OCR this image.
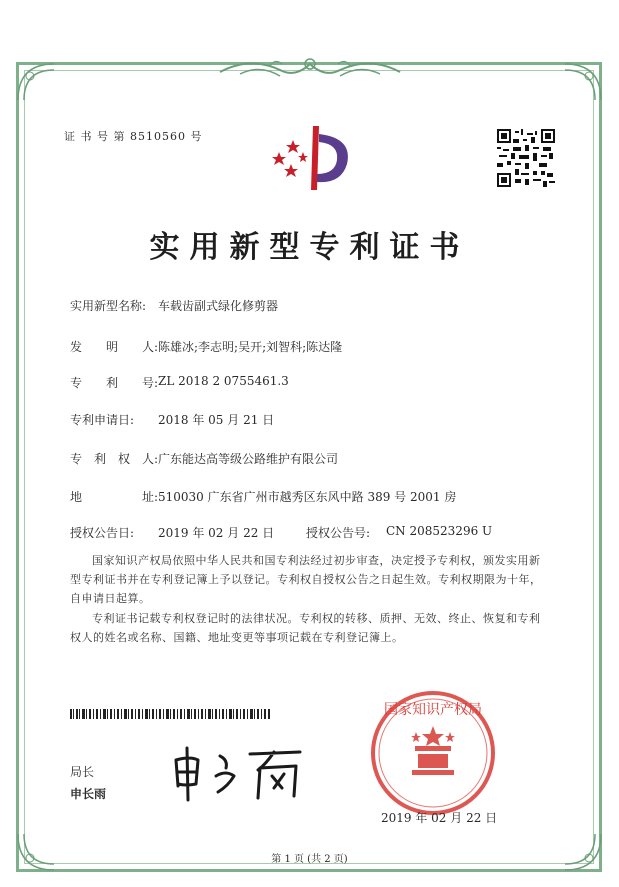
证 书 号 第 8510560 号
实用新型专利证书
实用新型名称: 车载齿副式绿化修剪器
发　　明　　人: 陈雄冰;李志明;吴开;刘智科;陈达隆
专　　利　　号: ZL 2018 2 0755461.3
专利申请日: 2018 年 05 月 21 日
专　利　权　人: 广东能达高等级公路维护有限公司
地　　　　　址: 510030 广东省广州市越秀区东风中路 389 号 2001 房
授权公告日: 2019 年 02 月 22 日	授权公告号: CN 208523296 U
国家知识产权局依照中华人民共和国专利法经过初步审查，决定授予专利权，颁发实用新型专利证书并在专利登记簿上予以登记。专利权自授权公告之日起生效。专利权期限为十年，自申请日起算。
专利证书记载专利权登记时的法律状况。专利权的转移、质押、无效、终止、恢复和专利权人的姓名或名称、国籍、地址变更等事项记载在专利登记簿上。
局长
申长雨
国家知识产权局
2019 年 02 月 22 日
第 1 页 (共 2 页)
